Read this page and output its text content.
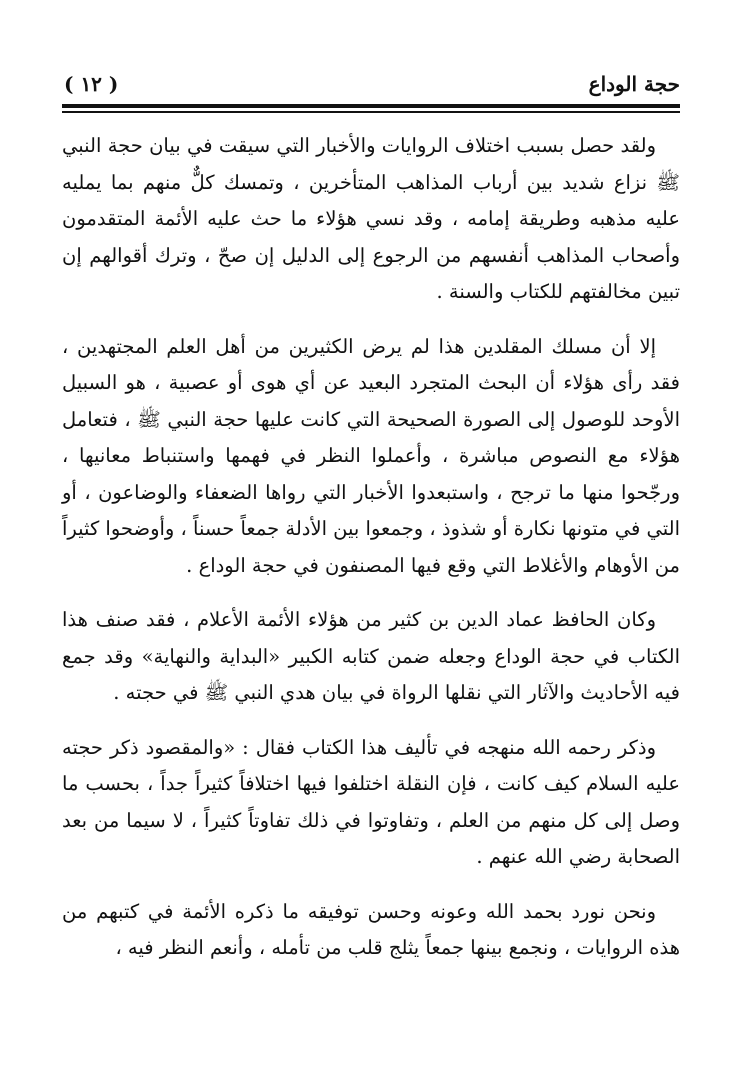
حجة الوداع
( ١٢ )

ولقد حصل بسبب اختلاف الروايات والأخبار التي سيقت في بيان حجة النبي ﷺ نزاع شديد بين أرباب المذاهب المتأخرين ، وتمسك كلٌّ منهم بما يمليه عليه مذهبه وطريقة إمامه ، وقد نسي هؤلاء ما حث عليه الأئمة المتقدمون وأصحاب المذاهب أنفسهم من الرجوع إلى الدليل إن صحّ ، وترك أقوالهم إن تبين مخالفتهم للكتاب والسنة .

إلا أن مسلك المقلدين هذا لم يرض الكثيرين من أهل العلم المجتهدين ، فقد رأى هؤلاء أن البحث المتجرد البعيد عن أي هوى أو عصبية ، هو السبيل الأوحد للوصول إلى الصورة الصحيحة التي كانت عليها حجة النبي ﷺ ، فتعامل هؤلاء مع النصوص مباشرة ، وأعملوا النظر في فهمها واستنباط معانيها ، ورجّحوا منها ما ترجح ، واستبعدوا الأخبار التي رواها الضعفاء والوضاعون ، أو التي في متونها نكارة أو شذوذ ، وجمعوا بين الأدلة جمعاً حسناً ، وأوضحوا كثيراً من الأوهام والأغلاط التي وقع فيها المصنفون في حجة الوداع .

وكان الحافظ عماد الدين بن كثير من هؤلاء الأئمة الأعلام ، فقد صنف هذا الكتاب في حجة الوداع وجعله ضمن كتابه الكبير «البداية والنهاية» وقد جمع فيه الأحاديث والآثار التي نقلها الرواة في بيان هدي النبي ﷺ في حجته .

وذكر رحمه الله منهجه في تأليف هذا الكتاب فقال : «والمقصود ذكر حجته عليه السلام كيف كانت ، فإن النقلة اختلفوا فيها اختلافاً كثيراً جداً ، بحسب ما وصل إلى كل منهم من العلم ، وتفاوتوا في ذلك تفاوتاً كثيراً ، لا سيما من بعد الصحابة رضي الله عنهم .

ونحن نورد بحمد الله وعونه وحسن توفيقه ما ذكره الأئمة في كتبهم من هذه الروايات ، ونجمع بينها جمعاً يثلج قلب من تأمله ، وأنعم النظر فيه ،
